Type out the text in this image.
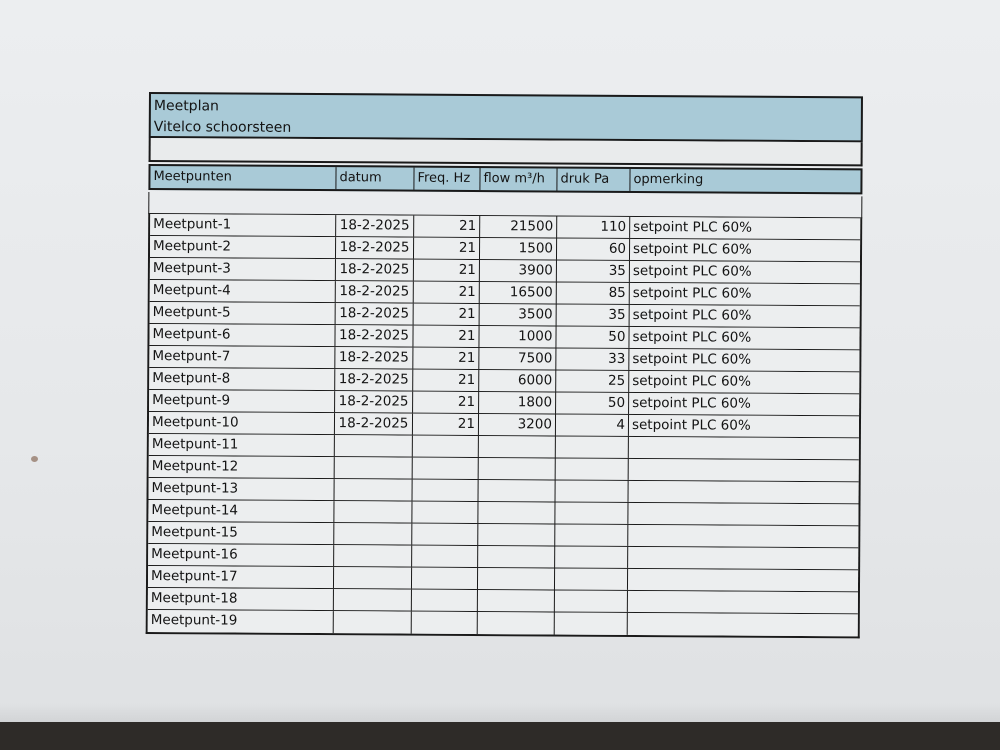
Meetplan
Vitelco schoorsteen
Meetpunten	datum	Freq. Hz	flow m³/h	druk Pa	opmerking
Meetpunt-1	18-2-2025	21	21500	110 setpoint PLC 60%
Meetpunt-2	18-2-2025	21	1500	60 setpoint PLC 60%
Meetpunt-3	18-2-2025	21	3900	35 setpoint PLC 60%
Meetpunt-4	18-2-2025	21	16500	85 setpoint PLC 60%
Meetpunt-5	18-2-2025	21	3500	35 setpoint PLC 60%
Meetpunt-6	18-2-2025	21	1000	50 setpoint PLC 60%
Meetpunt-7	18-2-2025	21	7500	33 setpoint PLC 60%
Meetpunt-8	18-2-2025	21	6000	25 setpoint PLC 60%
Meetpunt-9	18-2-2025	21	1800	50 setpoint PLC 60%
Meetpunt-10	18-2-2025	21	3200	4 setpoint PLC 60%
Meetpunt-11
Meetpunt-12
Meetpunt-13
Meetpunt-14
Meetpunt-15
Meetpunt-16
Meetpunt-17
Meetpunt-18
Meetpunt-19
